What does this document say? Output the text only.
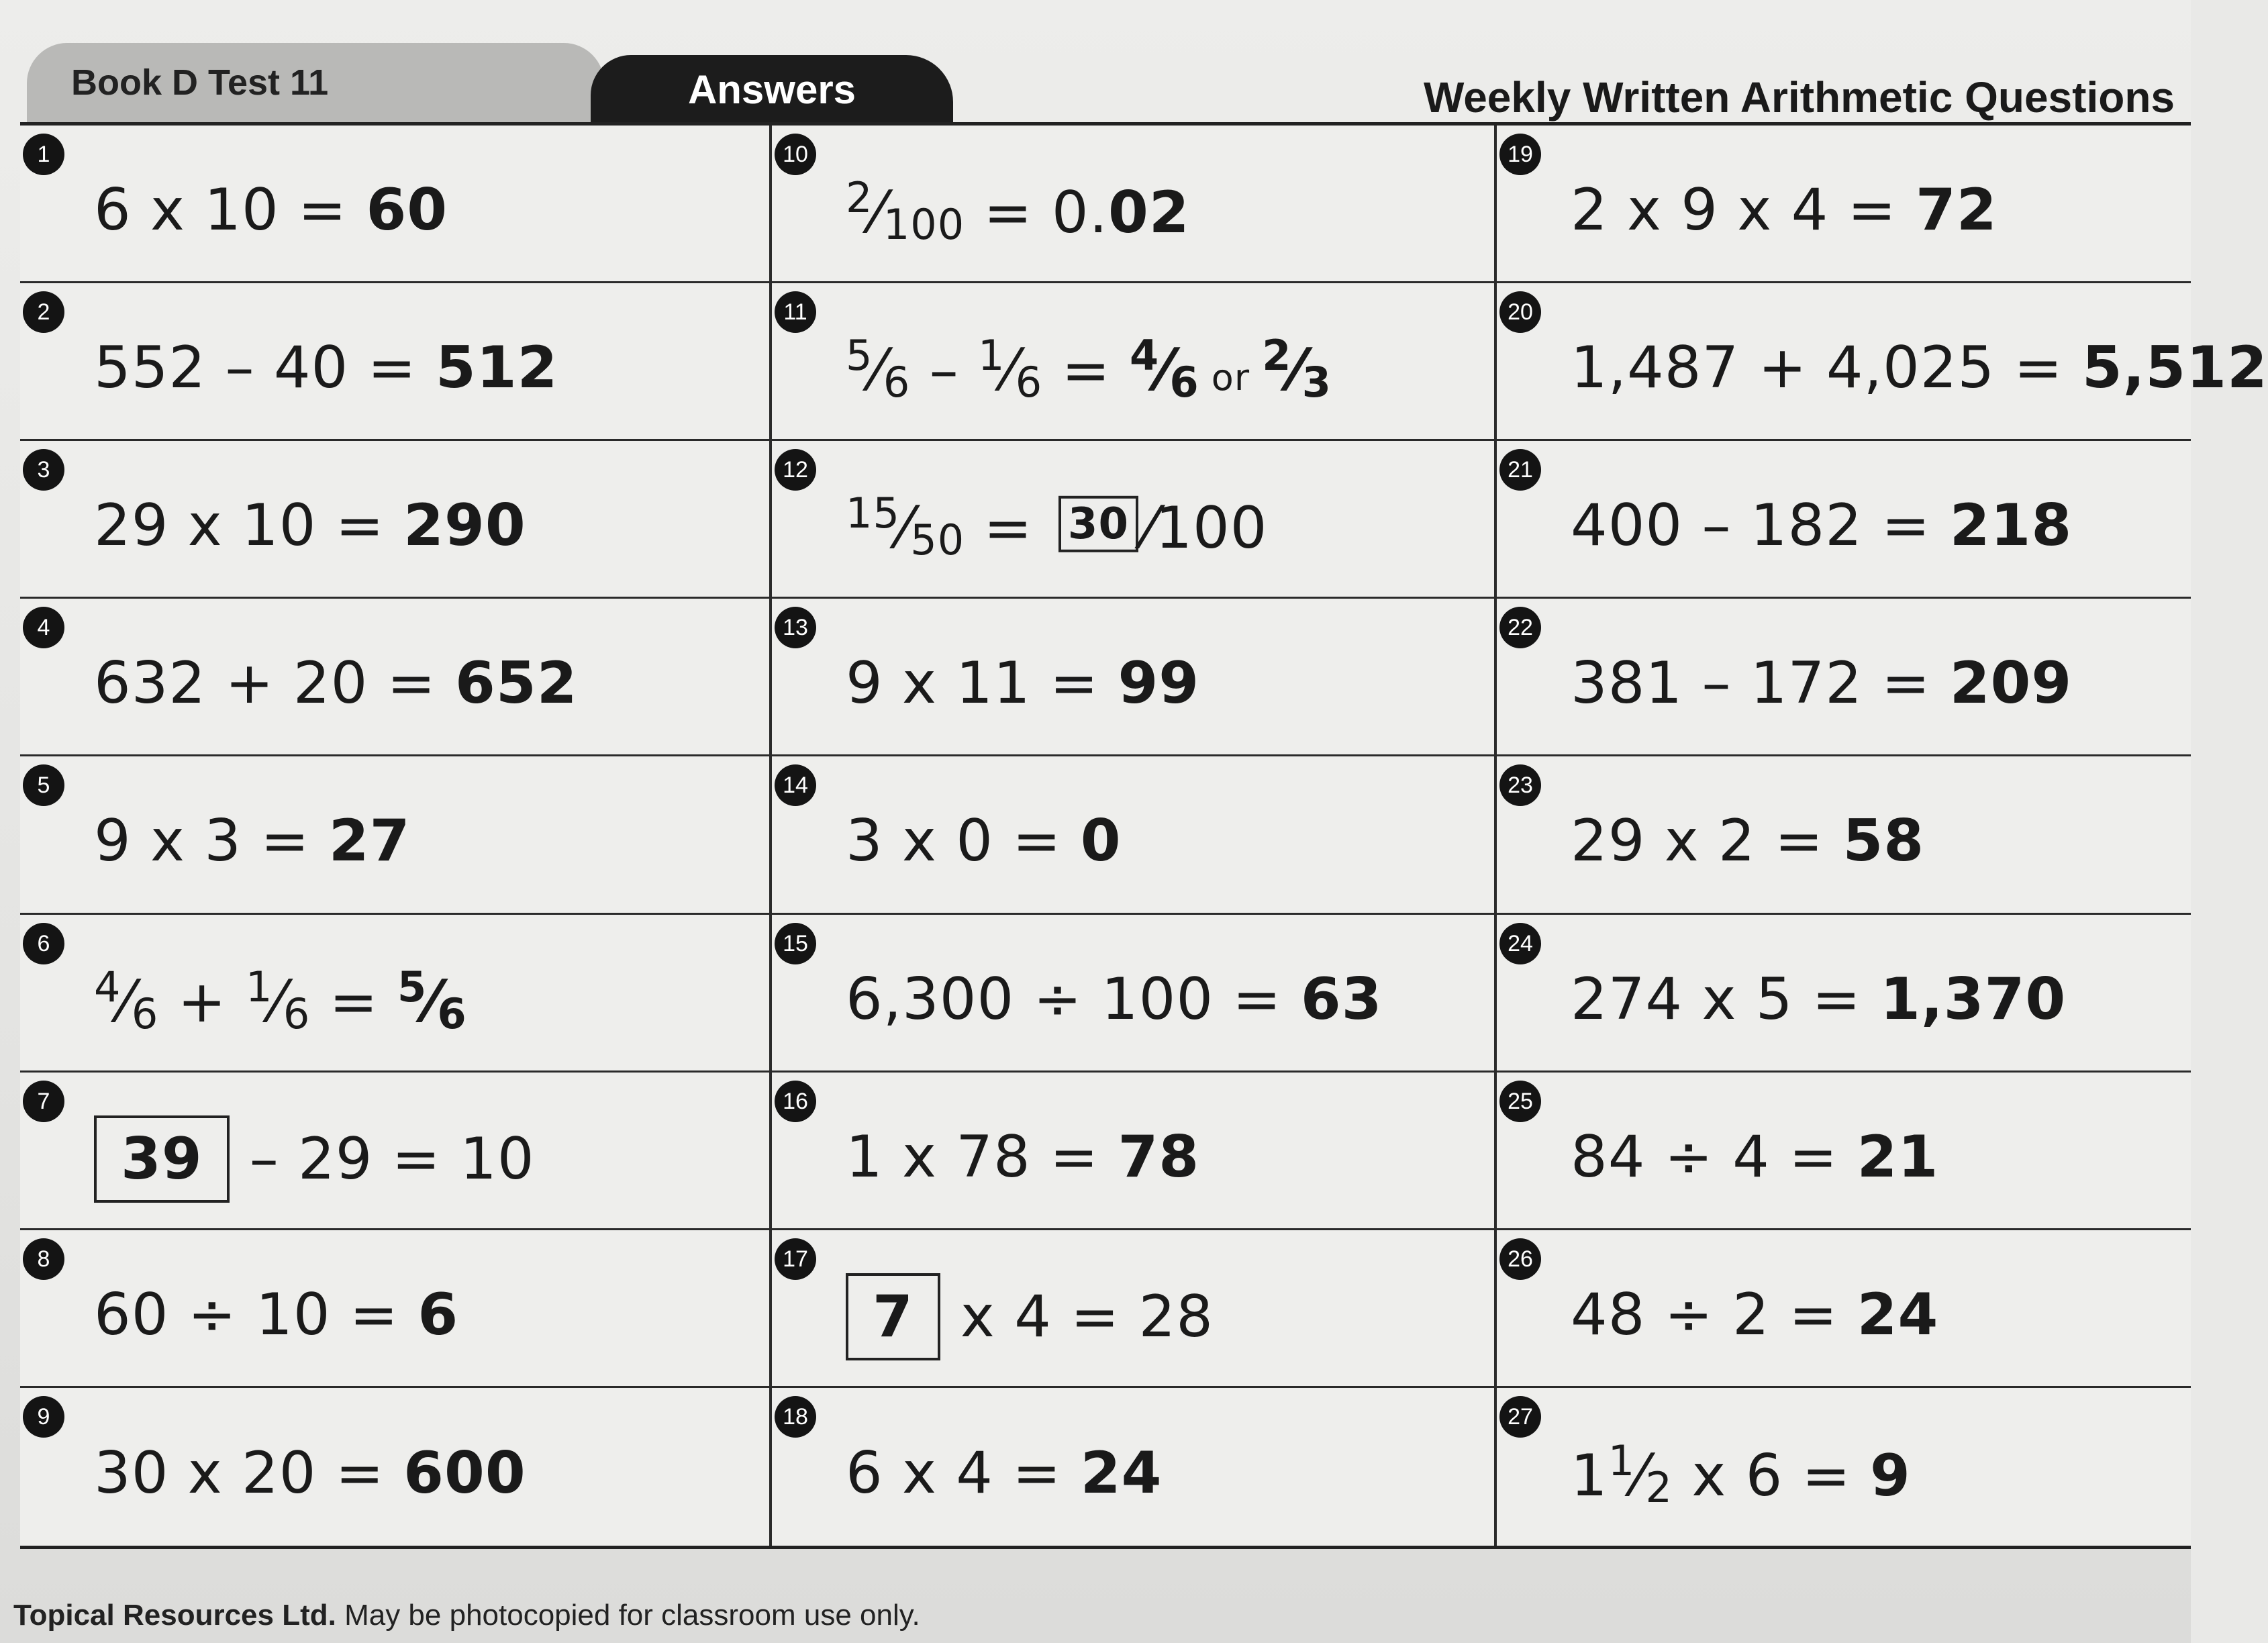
Book D Test 11	Answers	Weekly Written Arithmetic Questions
1
6 x 10 = 60
10
$^2⁄_{100} = 0.02$
19
2 x 9 x 4 = 72
2
552 – 40 = 512
11
$^5⁄_6$ – $^1⁄_6$ = $^4⁄_6$ or $^2⁄_3$
20
1,487 + 4,025 = 5,512
3
29 x 10 = 290
12
$^{15}⁄_{50} = 30$ ⁄100
21
400 – 182 = 218
4
632 + 20 = 652
13
9 x 11 = 99
22
381 – 172 = 209
5
9 x 3 = 27
14
3 x 0 = 0
23
29 x 2 = 58
6
$^4⁄_6$ + $^1⁄_6$ = $^5⁄_6$
15
6,300 ÷ 100 = 63
24
274 x 5 = 1,370
7
39 – 29 = 10
16
1 x 78 = 78
25
84 ÷ 4 = 21
8
60 ÷ 10 = 6
17
7 x 4 = 28
26
48 ÷ 2 = 24
9
30 x 20 = 600
18
6 x 4 = 24
27
$1^1⁄_2$ x 6 = 9
Topical Resources Ltd. May be photocopied for classroom use only.
